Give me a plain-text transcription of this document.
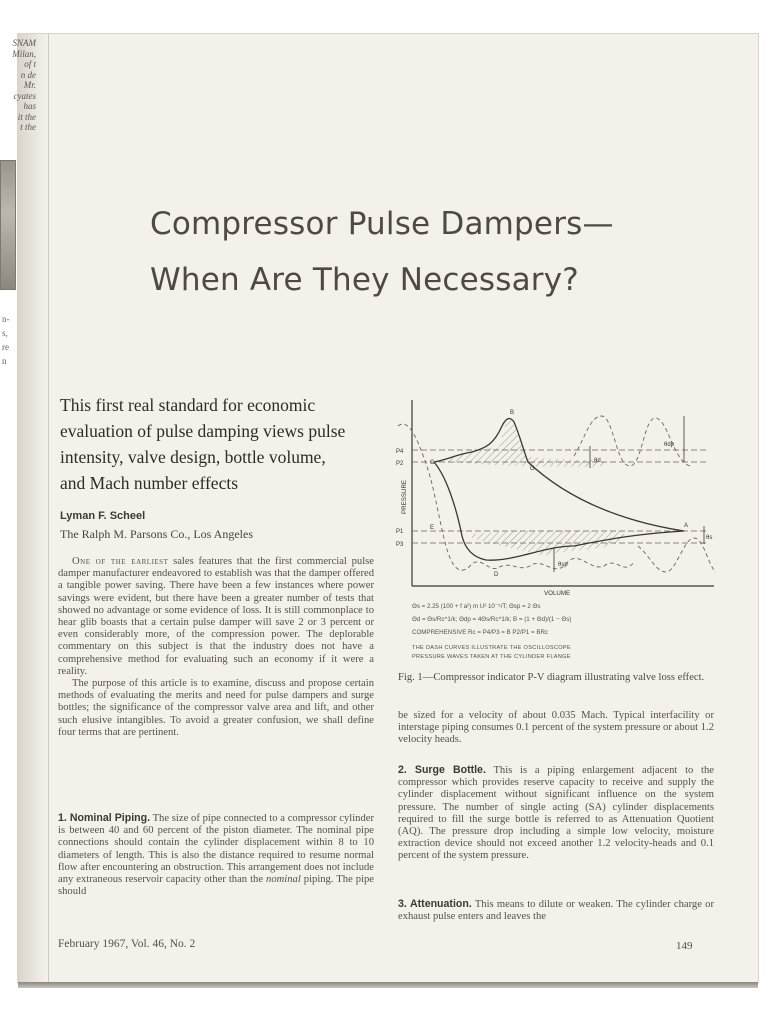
SNAM
Milan,
of t
n de
Mr.
cyates
has
it the
t the
n-
s,
re
n
Compressor Pulse Dampers—
When Are They Necessary?
This first real standard for economic evaluation of pulse damping views pulse intensity, valve design, bottle volume, and Mach number effects
Lyman F. Scheel
The Ralph M. Parsons Co., Los Angeles

One of the earliest sales features that the first commercial pulse damper manufacturer endeavored to establish was that the damper offered a tangible power saving. There have been a few instances where power savings were evident, but there have been a greater number of tests that showed no advantage or some evidence of loss. It is still commonplace to hear glib boasts that a certain pulse damper will save 2 or 3 percent or even considerably more, of the compression power. The deplorable commentary on this subject is that the industry does not have a comprehensive method for evaluating such an economy if it were a reality.

The purpose of this article is to examine, discuss and propose certain methods of evaluating the merits and need for pulse dampers and surge bottles; the significance of the compressor valve area and lift, and other such elusive intangibles. To avoid a greater confusion, we shall define four terms that are pertinent.

1. Nominal Piping. The size of pipe connected to a compressor cylinder is between 40 and 60 percent of the piston diameter. The nominal pipe connections should contain the cylinder displacement within 8 to 10 diameters of length. This is also the distance required to resume normal flow after encountering an obstruction. This arrangement does not include any extraneous reservoir capacity other than the nominal piping. The pipe should

B
C
G
A
E
D
P4
P2
P1
P3
θdp
θd
θsp
θs
VOLUME
PRESSURE
Θs = 2.25 (100 + f a²) m U² 10⁻⁵/T; Θsp = 2 Θs
Θd = Θs/Rc^1/k; Θdp = 4Θs/Rc^1/k; B = (1 + Θd)/(1 − Θs)
COMPREHENSIVE Rc = P4/P3 = B P2/P1 = BRc
THE DASH CURVES ILLUSTRATE THE OSCILLOSCOPE
PRESSURE WAVES TAKEN AT THE CYLINDER FLANGE
Fig. 1—Compressor indicator P-V diagram illustrating valve loss effect.

be sized for a velocity of about 0.035 Mach. Typical interfacility or interstage piping consumes 0.1 percent of the system pressure or about 1.2 velocity heads.

2. Surge Bottle. This is a piping enlargement adjacent to the compressor which provides reserve capacity to receive and supply the cylinder displacement without significant influence on the system pressure. The number of single acting (SA) cylinder displacements required to fill the surge bottle is referred to as Attenuation Quotient (AQ). The pressure drop including a simple low velocity, moisture extraction device should not exceed another 1.2 velocity-heads and 0.1 percent of the system pressure.

3. Attenuation. This means to dilute or weaken. The cylinder charge or exhaust pulse enters and leaves the

February 1967, Vol. 46, No. 2	149
